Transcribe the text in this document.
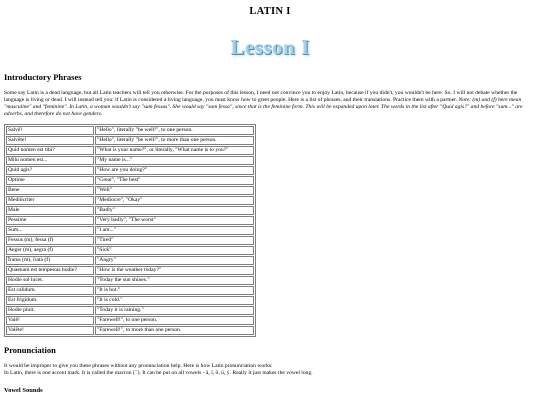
LATIN I
Lesson I
Introductory Phrases

Some say Latin is a dead language, but all Latin teachers will tell you otherwise. For the purposes of this lesson, I need not convince you to enjoy Latin, because if you didn't, you wouldn't be here. So, I will not debate whether the language is living or dead. I will instead tell you: if Latin is considered a living language, you must know how to greet people. Here is a list of phrases, and their translations. Practice them with a partner. Note: (m) and (f) here mean "masculine" and "feminine". In Latin, a woman wouldn't say "sum fessus". She would say "sum fessa", since that is the feminine form. This will be expanded upon later. The words in the list after "Quid agis?" and before "sum..." are adverbs, and therefore do not have genders.

Salvē!	"Hello", literally "be well!", to one person.
Salvēte!	"Hello", literally "be well!", to more than one person.
Quid nomen est tibi?	"What is your name?", or literally, "What name is to you?"
Mihi nomen est...	"My name is..."
Quid agis?	"How are you doing?"
Optime	"Great", "The best"
Bene	"Well"
Mediōcriter	"Mediocre", "Okay"
Male	"Badly"
Pessime	"Very badly", "The worst"
Sum...	"I am..."
Fessus (m), fessa (f)	"Tired"
Aeger (m), aegra (f)	"Sick"
Īratus (m), īrata (f)	"Angry"
Quaenam est tempestas hodie?	"How is the weather today?"
Hodie sol lucet.	"Today the sun shines."
Est calidum.	"It is hot."
Est frigidum.	"It is cold."
Hodie pluit.	"Today it is raining."
Valē!	"Farewell!", to one person.
Valēte!	"Farewell!", to more than one person.
Pronunciation

It would be improper to give you these phrases without any pronunciation help. Here is how Latin pronunciation works:
In Latin, there is one accent mark. It is called the macron (¯). It can be put on all vowels - ā, ī, ō, ū, ȳ. Really it just makes the vowel long.

Vowel Sounds
